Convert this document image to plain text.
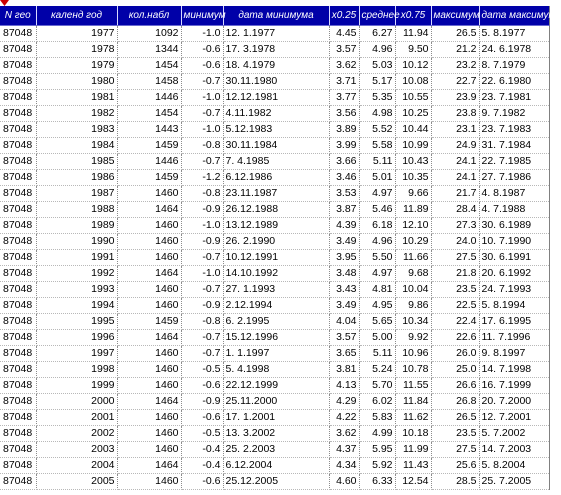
N гео	календ год	кол.набл	минимум	дата минимума	x0.25	среднее	x0.75	максимум	дата максимума
87048	1977	1092	-1.0	12. 1.1977	4.45	6.27	11.94	26.5	5. 8.1977
87048	1978	1344	-0.6	17. 3.1978	3.57	4.96	9.50	21.2	24. 6.1978
87048	1979	1454	-0.6	18. 4.1979	3.62	5.03	10.12	23.2	8. 7.1979
87048	1980	1458	-0.7	30.11.1980	3.71	5.17	10.08	22.7	22. 6.1980
87048	1981	1446	-1.0	12.12.1981	3.77	5.35	10.55	23.9	23. 7.1981
87048	1982	1454	-0.7	4.11.1982	3.56	4.98	10.25	23.8	9. 7.1982
87048	1983	1443	-1.0	5.12.1983	3.89	5.52	10.44	23.1	23. 7.1983
87048	1984	1459	-0.8	30.11.1984	3.99	5.58	10.99	24.9	31. 7.1984
87048	1985	1446	-0.7	7. 4.1985	3.66	5.11	10.43	24.1	22. 7.1985
87048	1986	1459	-1.2	6.12.1986	3.46	5.01	10.35	24.1	27. 7.1986
87048	1987	1460	-0.8	23.11.1987	3.53	4.97	9.66	21.7	4. 8.1987
87048	1988	1464	-0.9	26.12.1988	3.87	5.46	11.89	28.4	4. 7.1988
87048	1989	1460	-1.0	13.12.1989	4.39	6.18	12.10	27.3	30. 6.1989
87048	1990	1460	-0.9	26. 2.1990	3.49	4.96	10.29	24.0	10. 7.1990
87048	1991	1460	-0.7	10.12.1991	3.95	5.50	11.66	27.5	30. 6.1991
87048	1992	1464	-1.0	14.10.1992	3.48	4.97	9.68	21.8	20. 6.1992
87048	1993	1460	-0.7	27. 1.1993	3.43	4.81	10.04	23.5	24. 7.1993
87048	1994	1460	-0.9	2.12.1994	3.49	4.95	9.86	22.5	5. 8.1994
87048	1995	1459	-0.8	6. 2.1995	4.04	5.65	10.34	22.4	17. 6.1995
87048	1996	1464	-0.7	15.12.1996	3.57	5.00	9.92	22.6	11. 7.1996
87048	1997	1460	-0.7	1. 1.1997	3.65	5.11	10.96	26.0	9. 8.1997
87048	1998	1460	-0.5	5. 4.1998	3.81	5.24	10.78	25.0	14. 7.1998
87048	1999	1460	-0.6	22.12.1999	4.13	5.70	11.55	26.6	16. 7.1999
87048	2000	1464	-0.9	25.11.2000	4.29	6.02	11.84	26.8	20. 7.2000
87048	2001	1460	-0.6	17. 1.2001	4.22	5.83	11.62	26.5	12. 7.2001
87048	2002	1460	-0.5	13. 3.2002	3.62	4.99	10.18	23.5	5. 7.2002
87048	2003	1460	-0.4	25. 2.2003	4.37	5.95	11.99	27.5	14. 7.2003
87048	2004	1464	-0.4	6.12.2004	4.34	5.92	11.43	25.6	5. 8.2004
87048	2005	1460	-0.6	25.12.2005	4.60	6.33	12.54	28.5	25. 7.2005
